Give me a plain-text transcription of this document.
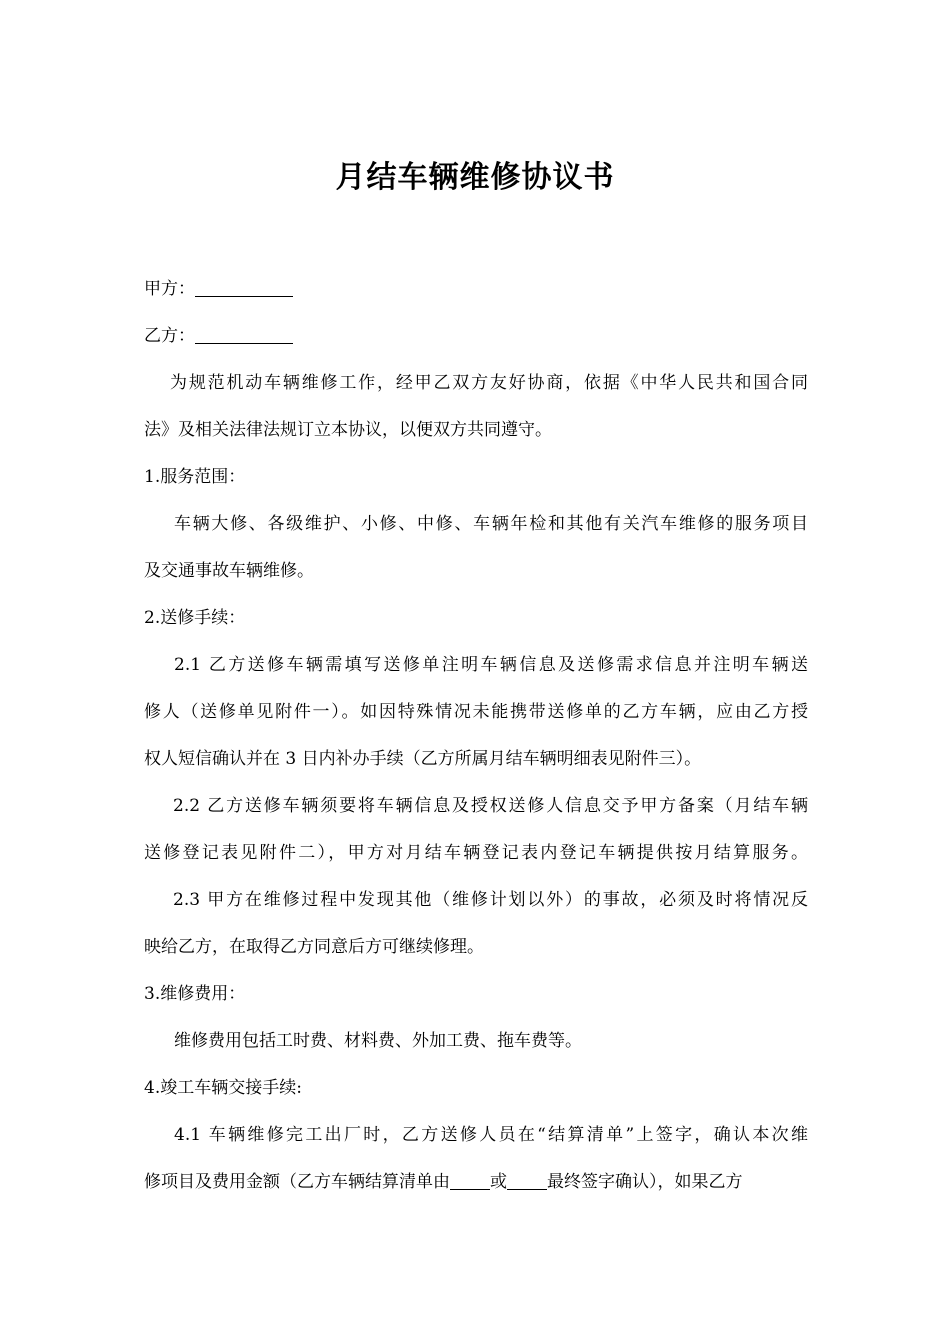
月结车辆维修协议书
甲方：
乙方：
为规范机动车辆维修工作，经甲乙双方友好协商，依据《中华人民共和国合同
法》及相关法律法规订立本协议，以便双方共同遵守。
1.服务范围：
车辆大修、各级维护、小修、中修、车辆年检和其他有关汽车维修的服务项目
及交通事故车辆维修。
2.送修手续：
2.1 乙方送修车辆需填写送修单注明车辆信息及送修需求信息并注明车辆送
修人（送修单见附件一）。如因特殊情况未能携带送修单的乙方车辆，应由乙方授
权人短信确认并在 3 日内补办手续（乙方所属月结车辆明细表见附件三）。
2.2 乙方送修车辆须要将车辆信息及授权送修人信息交予甲方备案（月结车辆
送修登记表见附件二），甲方对月结车辆登记表内登记车辆提供按月结算服务。
2.3 甲方在维修过程中发现其他（维修计划以外）的事故，必须及时将情况反
映给乙方，在取得乙方同意后方可继续修理。
3.维修费用：
维修费用包括工时费、材料费、外加工费、拖车费等。
4.竣工车辆交接手续:
4.1 车辆维修完工出厂时，乙方送修人员在“结算清单”上签字，确认本次维
修项目及费用金额（乙方车辆结算清单由 或 最终签字确认），如果乙方
